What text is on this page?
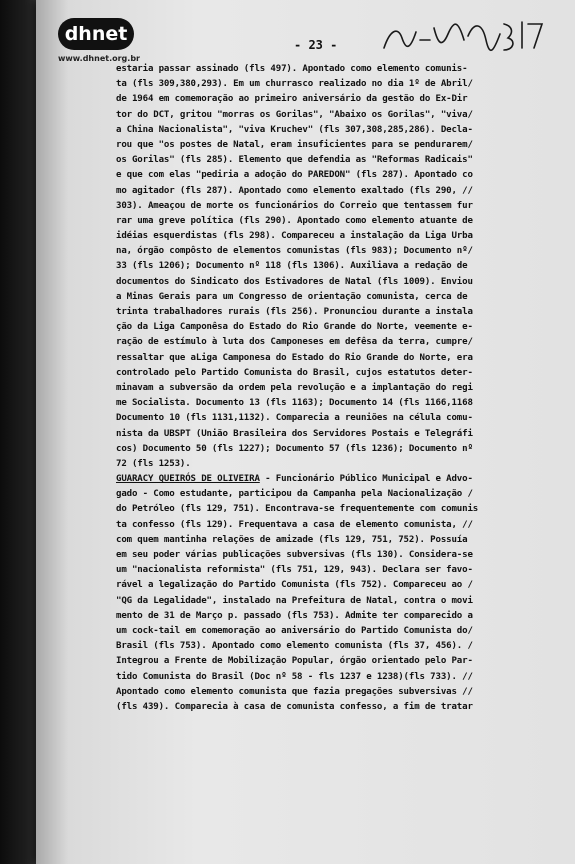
dhnet
www.dhnet.org.br
- 23 -
estaria passar assinado (fls 497). Apontado como elemento comunis-
ta (fls 309,380,293). Em um churrasco realizado no dia 1º de Abril/
de 1964 em comemoração ao primeiro aniversário da gestão do Ex-Dir
tor do DCT, gritou "morras os Gorilas", "Abaixo os Gorilas", "viva/
a China Nacionalista", "viva Kruchev" (fls 307,308,285,286). Decla-
rou que "os postes de Natal, eram insuficientes para se pendurarem/
os Gorilas" (fls 285). Elemento que defendia as "Reformas Radicais"
e que com elas "pediria a adoção do PAREDON" (fls 287). Apontado co
mo agitador (fls 287). Apontado como elemento exaltado (fls 290, //
303). Ameaçou de morte os funcionários do Correio que tentassem fur
rar uma greve política (fls 290). Apontado como elemento atuante de
idéias esquerdistas (fls 298). Compareceu a instalação da Liga Urba
na, órgão compôsto de elementos comunistas (fls 983); Documento nº/
33 (fls 1206); Documento nº 118 (fls 1306). Auxiliava a redação de
documentos do Sindicato dos Estivadores de Natal (fls 1009). Enviou
a Minas Gerais para um Congresso de orientação comunista, cerca de
trinta trabalhadores rurais (fls 256). Pronunciou durante a instala
ção da Liga Camponêsa do Estado do Rio Grande do Norte, veemente e-
ração de estímulo à luta dos Camponeses em defêsa da terra, cumpre/
ressaltar que aLiga Camponesa do Estado do Rio Grande do Norte, era
controlado pelo Partido Comunista do Brasil, cujos estatutos deter-
minavam a subversão da ordem pela revolução e a implantação do regi
me Socialista. Documento 13 (fls 1163); Documento 14 (fls 1166,1168
Documento 10 (fls 1131,1132). Comparecia a reuniões na célula comu-
nista da UBSPT (União Brasileira dos Servidores Postais e Telegráfi
cos) Documento 50 (fls 1227); Documento 57 (fls 1236); Documento nº
72 (fls 1253).
GUARACY QUEIRÓS DE OLIVEIRA - Funcionário Público Municipal e Advo-
gado - Como estudante, participou da Campanha pela Nacionalização /
do Petróleo (fls 129, 751). Encontrava-se frequentemente com comunis
ta confesso (fls 129). Frequentava a casa de elemento comunista, //
com quem mantinha relações de amizade (fls 129, 751, 752). Possuía
em seu poder várias publicações subversivas (fls 130). Considera-se
um "nacionalista reformista" (fls 751, 129, 943). Declara ser favo-
rável a legalização do Partido Comunista (fls 752). Compareceu ao /
"QG da Legalidade", instalado na Prefeitura de Natal, contra o movi
mento de 31 de Março p. passado (fls 753). Admite ter comparecido a
um cock-tail em comemoração ao aniversário do Partido Comunista do/
Brasil (fls 753). Apontado como elemento comunista (fls 37, 456). /
Integrou a Frente de Mobilização Popular, órgão orientado pelo Par-
tido Comunista do Brasil (Doc nº 58 - fls 1237 e 1238)(fls 733). //
Apontado como elemento comunista que fazia pregações subversivas //
(fls 439). Comparecia à casa de comunista confesso, a fim de tratar
